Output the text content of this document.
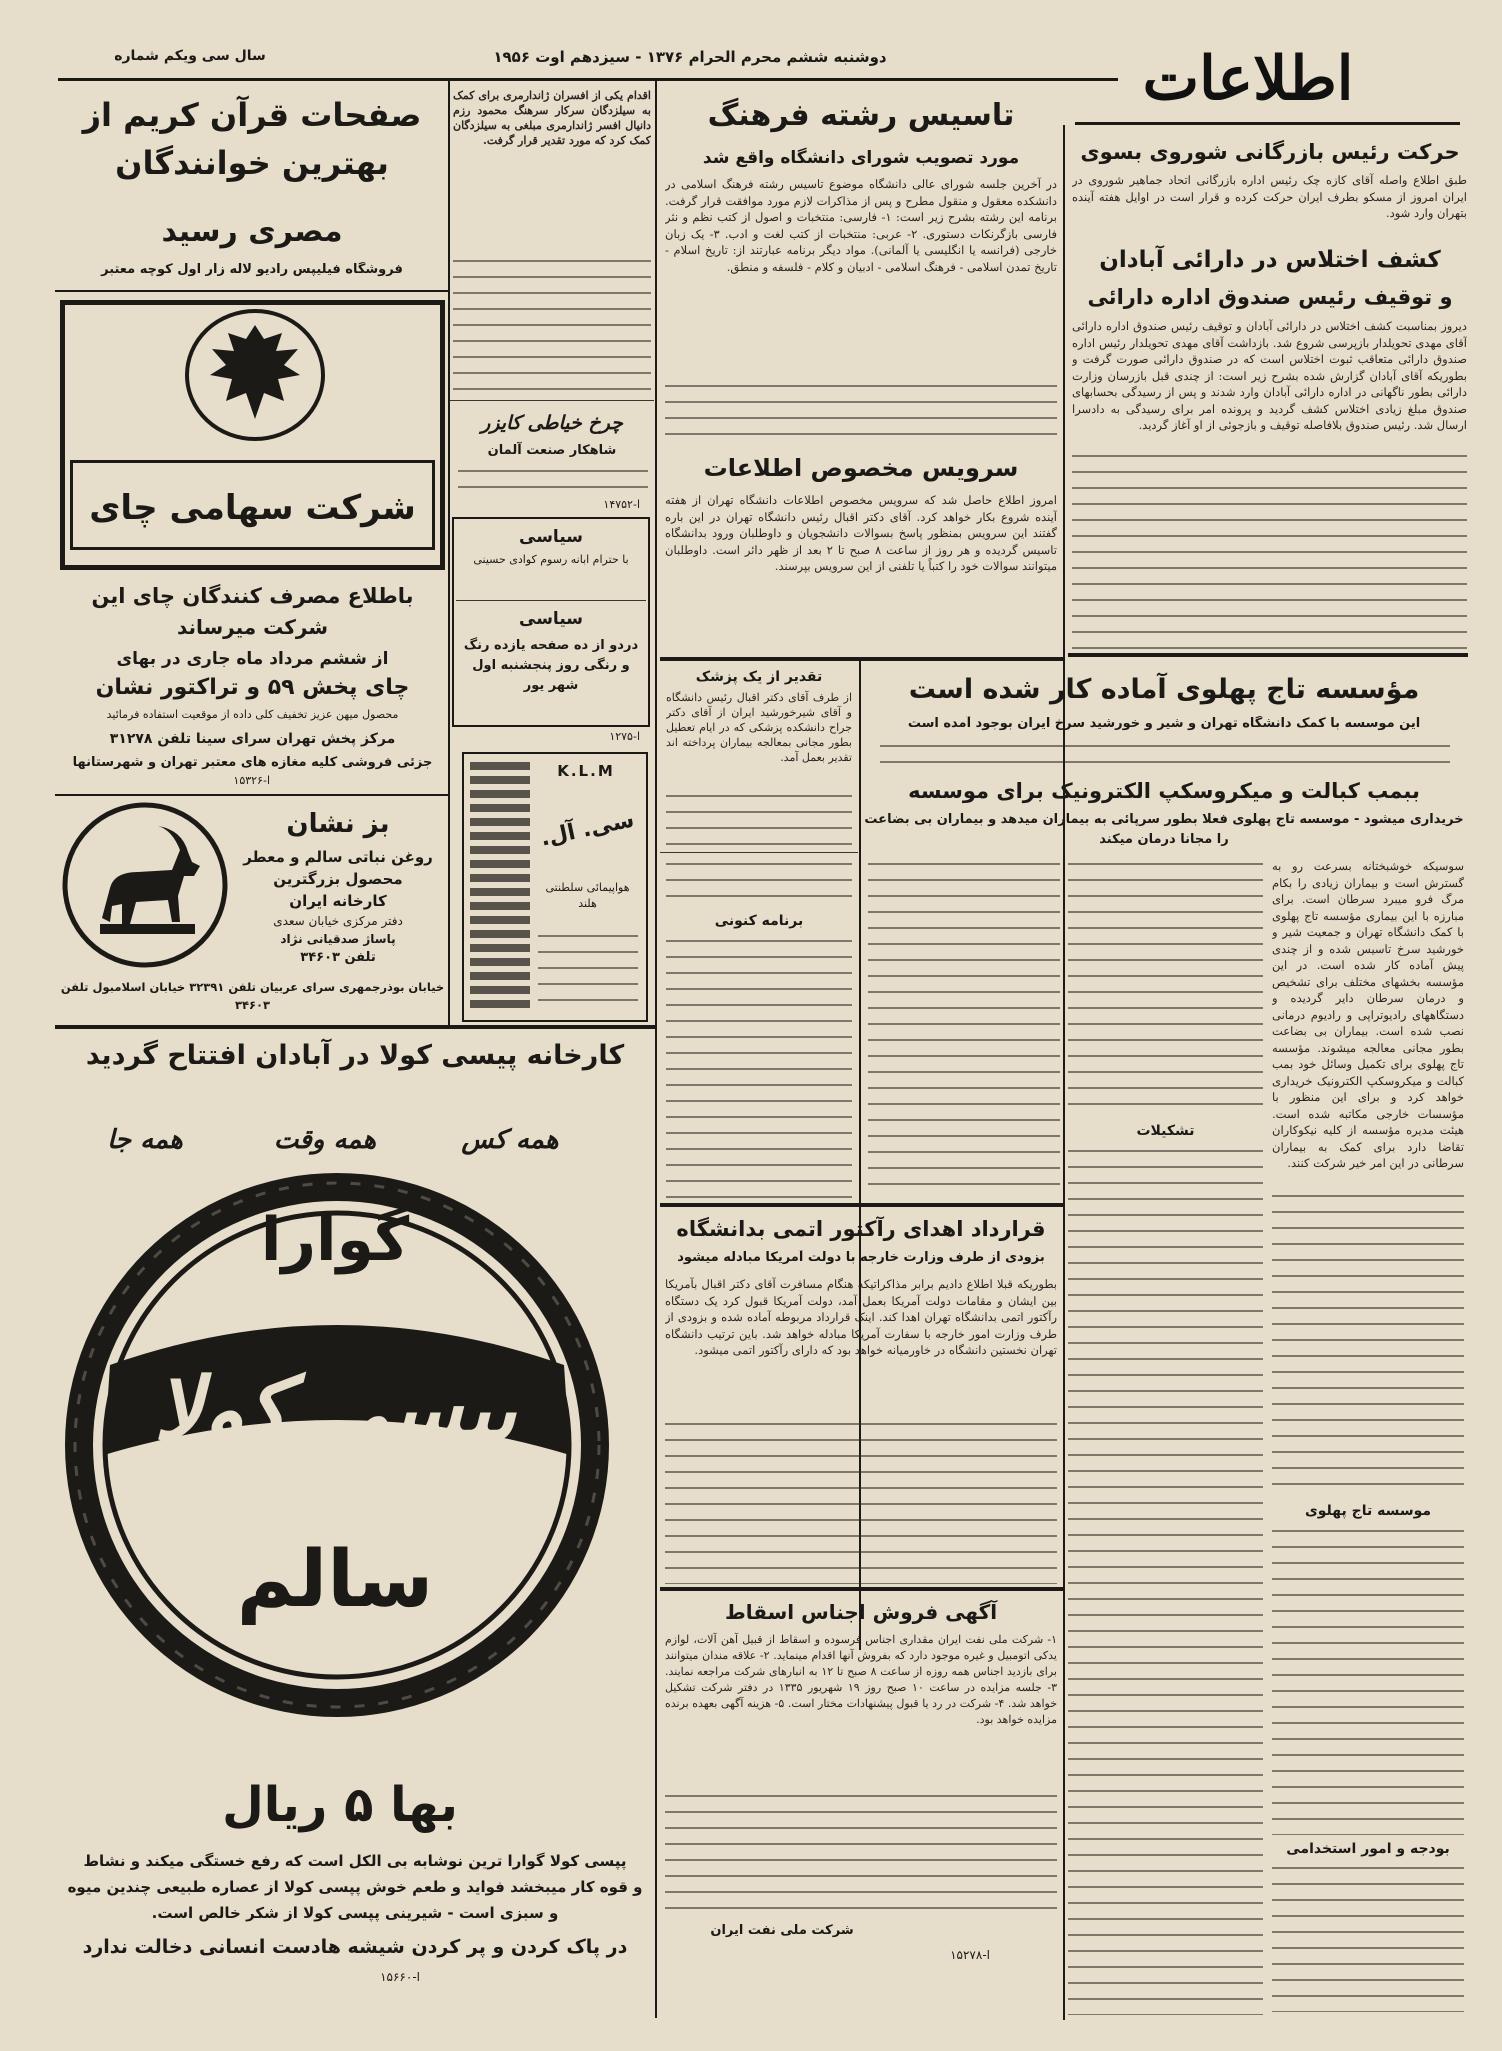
اطلاعات
دوشنبه ششم محرم الحرام ۱۳۷۶ - سیزدهم اوت ۱۹۵۶
سال سی ویکم شماره
حرکت رئیس بازرگانی شوروی بسوی
طبق اطلاع واصله آقای کازه چک رئیس اداره بازرگانی اتحاد جماهیر شوروی در ایران امروز از مسکو بطرف ایران حرکت کرده و قرار است در اوایل هفته آینده بتهران وارد شود.
کشف اختلاس در دارائی آبادان
و توقیف رئیس صندوق اداره دارائی
دیروز بمناسبت کشف اختلاس در دارائی آبادان و توقیف رئیس صندوق اداره دارائی آقای مهدی تحویلدار بازپرسی شروع شد. بازداشت آقای مهدی تحویلدار رئیس اداره صندوق دارائی متعاقب ثبوت اختلاس است که در صندوق دارائی صورت گرفت و بطوریکه آقای آبادان گزارش شده بشرح زیر است: از چندی قبل بازرسان وزارت دارائی بطور ناگهانی در اداره دارائی آبادان وارد شدند و پس از رسیدگی بحسابهای صندوق مبلغ زیادی اختلاس کشف گردید و پرونده امر برای رسیدگی به دادسرا ارسال شد. رئیس صندوق بلافاصله توقیف و بازجوئی از او آغاز گردید.
تاسیس رشته فرهنگ
مورد تصویب شورای دانشگاه واقع شد
در آخرین جلسه شورای عالی دانشگاه موضوع تاسیس رشته فرهنگ اسلامی در دانشکده معقول و منقول مطرح و پس از مذاکرات لازم مورد موافقت قرار گرفت. برنامه این رشته بشرح زیر است: ۱- فارسی: منتخبات و اصول از کتب نظم و نثر فارسی بازگرنکات دستوری. ۲- عربی: منتخبات از کتب لغت و ادب. ۳- یک زبان خارجی (فرانسه یا انگلیسی یا آلمانی). مواد دیگر برنامه عبارتند از: تاریخ اسلام - تاریخ تمدن اسلامی - فرهنگ اسلامی - ادبیان و کلام - فلسفه و منطق.
سرویس مخصوص اطلاعات
امروز اطلاع حاصل شد که سرویس مخصوص اطلاعات دانشگاه تهران از هفته آینده شروع بکار خواهد کرد. آقای دکتر اقبال رئیس دانشگاه تهران در این باره گفتند این سرویس بمنظور پاسخ بسوالات دانشجویان و داوطلبان ورود بدانشگاه تاسیس گردیده و هر روز از ساعت ۸ صبح تا ۲ بعد از ظهر دائر است. داوطلبان میتوانند سوالات خود را کتباً یا تلفنی از این سرویس بپرسند.
مؤسسه تاج پهلوی آماده کار شده است
این موسسه با کمک دانشگاه تهران و شیر و خورشید سرخ ایران بوجود آمده است
ببمب کبالت و میکروسکپ الکترونیک برای موسسه
خریداری میشود - موسسه تاج پهلوی فعلا بطور سرپائی به بیماران میدهد و بیماران بی بضاعت را مجانا درمان میکند
سوسیکه خوشبختانه بسرعت رو به گسترش است و بیماران زیادی را بکام مرگ فرو میبرد سرطان است. برای مبارزه با این بیماری مؤسسه تاج پهلوی با کمک دانشگاه تهران و جمعیت شیر و خورشید سرخ تاسیس شده و از چندی پیش آماده کار شده است. در این مؤسسه بخشهای مختلف برای تشخیص و درمان سرطان دایر گردیده و دستگاههای رادیوتراپی و رادیوم درمانی نصب شده است. بیماران بی بضاعت بطور مجانی معالجه میشوند. مؤسسه تاج پهلوی برای تکمیل وسائل خود بمب کبالت و میکروسکپ الکترونیک خریداری خواهد کرد و برای این منظور با مؤسسات خارجی مکاتبه شده است. هیئت مدیره مؤسسه از کلیه نیکوکاران تقاضا دارد برای کمک به بیماران سرطانی در این امر خیر شرکت کنند.
موسسه تاج پهلوی
بودجه و امور استخدامی
تشکیلات
تقدیر از یک پزشک
از طرف آقای دکتر اقبال رئیس دانشگاه و آقای شیرخورشید ایران از آقای دکتر جراح دانشکده پزشکی که در ایام تعطیل بطور مجانی بمعالجه بیماران پرداخته اند تقدیر بعمل آمد.
برنامه کنونی
قرارداد اهدای رآکتور اتمی بدانشگاه
بزودی از طرف وزارت خارجه با دولت آمریکا مبادله میشود
بطوریکه قبلا اطلاع دادیم برابر مذاکراتیکه هنگام مسافرت آقای دکتر اقبال بآمریکا بین ایشان و مقامات دولت آمریکا بعمل آمد، دولت آمریکا قبول کرد یک دستگاه رآکتور اتمی بدانشگاه تهران اهدا کند. اینک قرارداد مربوطه آماده شده و بزودی از طرف وزارت امور خارجه با سفارت آمریکا مبادله خواهد شد. باین ترتیب دانشگاه تهران نخستین دانشگاه در خاورمیانه خواهد بود که دارای رآکتور اتمی میشود.
آگهی فروش اجناس اسقاط
۱- شرکت ملی نفت ایران مقداری اجناس فرسوده و اسقاط از قبیل آهن آلات، لوازم یدکی اتومبیل و غیره موجود دارد که بفروش آنها اقدام مینماید. ۲- علاقه مندان میتوانند برای بازدید اجناس همه روزه از ساعت ۸ صبح تا ۱۲ به انبارهای شرکت مراجعه نمایند. ۳- جلسه مزایده در ساعت ۱۰ صبح روز ۱۹ شهریور ۱۳۳۵ در دفتر شرکت تشکیل خواهد شد. ۴- شرکت در رد یا قبول پیشنهادات مختار است. ۵- هزینه آگهی بعهده برنده مزایده خواهد بود.
شرکت ملی نفت ایران
ا-۱۵۲۷۸
اقدام یکی از افسران ژاندارمری برای کمک به سیلزدگان سرکار سرهنگ محمود رزم دانیال افسر ژاندارمری مبلغی به سیلزدگان کمک کرد که مورد تقدیر قرار گرفت.
چرخ خیاطی کایزر
شاهکار صنعت آلمان
ا-۱۴۷۵۲
سیاسی
با حترام ابانه رسوم کوادی حسینی
سیاسی
دردو از ده صفحه یازده رنگ و رنگی روز پنجشنبه اول شهر یور
ا-۱۲۷۵
K.L.M
سی. آل.
هواپیمائی سلطنتی هلند
صفحات قرآن کریم از
بهترین خوانندگان
مصری رسید
فروشگاه فیلیپس رادیو لاله زار اول کوچه معتبر
شرکت سهامی چای
باطلاع مصرف کنندگان چای این
شرکت میرساند
از ششم مرداد ماه جاری در بهای
چای پخش ۵۹ و تراکتور نشان
محصول میهن عزیز تخفیف کلی داده از موقعیت استفاده فرمائید
مرکز پخش تهران سرای سینا تلفن ۳۱۲۷۸
جزئی فروشی کلیه مغازه های معتبر تهران و شهرستانها
ا-۱۵۳۲۶
بز نشان
روغن نباتی سالم و معطر
محصول بزرگترین
کارخانه ایران
دفتر مرکزی خیابان سعدی
پاساژ صدقیانی نژاد
تلفن ۳۴۶۰۳
خیابان بوذرجمهری سرای عربیان تلفن ۳۲۳۹۱ خیابان اسلامبول تلفن ۳۴۶۰۳
کارخانه پیسی کولا در آبادان افتتاح گردید
همه کس
همه وقت
همه جا
گوارا
پپسی کولا
سالم
بها ۵ ریال
پپسی کولا گوارا ترین نوشابه بی الکل است که رفع خستگی میکند و نشاط
و قوه کار میبخشد فواید و طعم خوش پپسی کولا از عصاره طبیعی چندین میوه
و سبزی است - شیرینی پپسی کولا از شکر خالص است.
در پاک کردن و پر کردن شیشه هادست انسانی دخالت ندارد
ا-۱۵۶۶۰
